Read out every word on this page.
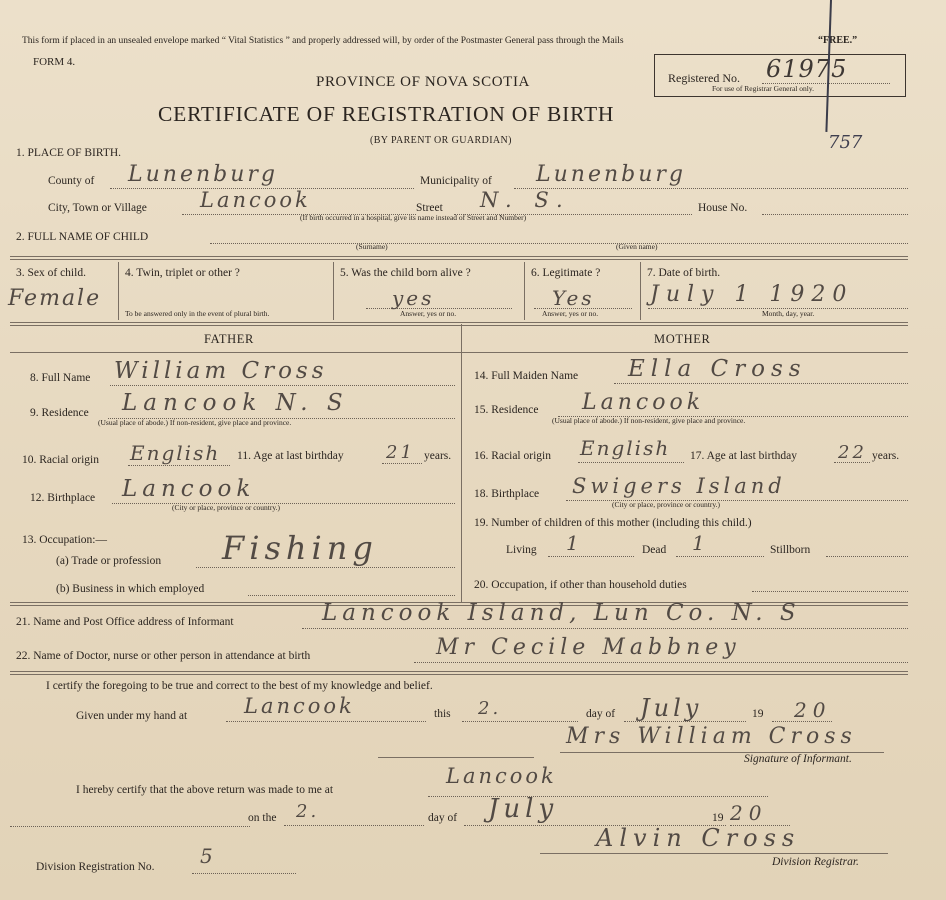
This form if placed in an unsealed envelope marked “ Vital Statistics ” and properly addressed will, by order of the Postmaster General pass through the Mails	“FREE.”
FORM 4.
PROVINCE OF NOVA SCOTIA
CERTIFICATE OF REGISTRATION OF BIRTH
(BY PARENT OR GUARDIAN)
Registered No. 61975
For use of Registrar General only.
757
1. PLACE OF BIRTH.
County of Lunenburg	Municipality of Lunenburg
City, Town or Village	Lancook	Street N. S.	House No.
(If birth occurred in a hospital, give its name instead of Street and Number)
2. FULL NAME OF CHILD
(Surname)	(Given name)
3. Sex of child.
Female
4. Twin, triplet or other ?
To be answered only in the event of plural birth.
5. Was the child born alive ?
yes
Answer, yes or no.
6. Legitimate ?
Yes
Answer, yes or no.
7. Date of birth.
July 1 1920
Month, day, year.
FATHER	MOTHER
8. Full Name William Cross
9. Residence Lancook N. S
(Usual place of abode.) If non-resident, give place and province.
10. Racial origin English 11. Age at last birthday 21 years.
12. Birthplace Lancook
(City or place, province or country.)
13. Occupation:—
(a) Trade or profession Fishing
(b) Business in which employed
14. Full Maiden Name Ella Cross
15. Residence Lancook
(Usual place of abode.) If non-resident, give place and province.
16. Racial origin English 17. Age at last birthday 22 years.
18. Birthplace Swigers Island
(City or place, province or country.)
19. Number of children of this mother (including this child.)
Living 1	Dead 1	Stillborn
20. Occupation, if other than household duties
21. Name and Post Office address of Informant	Lancook Island, Lun Co. N. S
22. Name of Doctor, nurse or other person in attendance at birth	Mr Cecile Mabbney
I certify the foregoing to be true and correct to the best of my knowledge and belief.
Given under my hand at	Lancook	this 2.	day of July	19 20
Mrs William Cross
Signature of Informant.
I hereby certify that the above return was made to me at
Lancook
on the 2.	day of July	19 20
Alvin Cross
Division Registrar.
Division Registration No. 5
